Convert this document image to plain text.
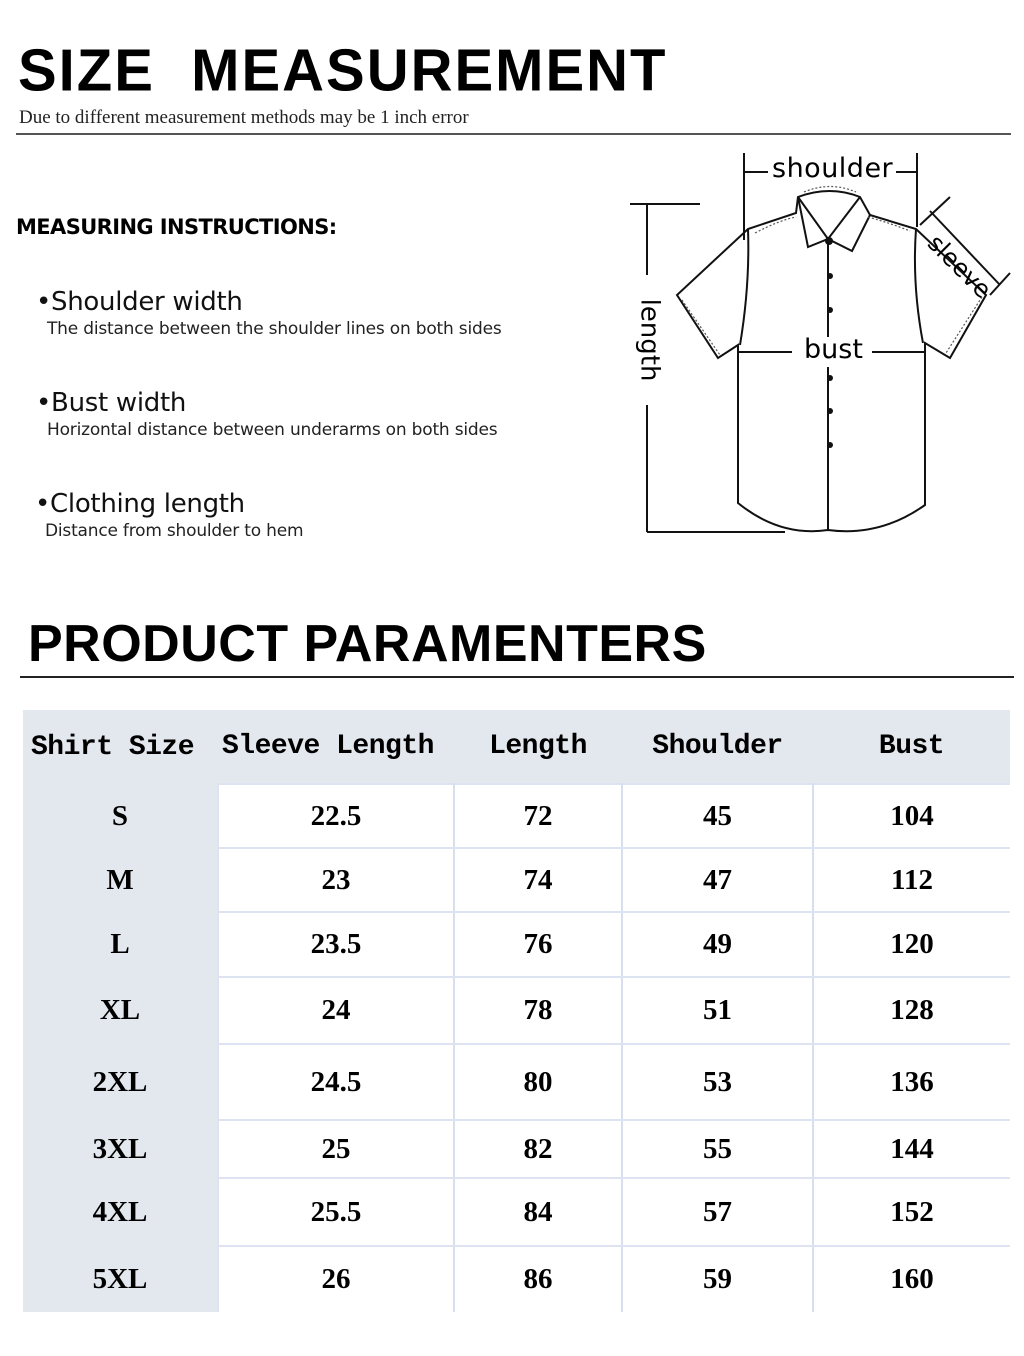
SIZE  MEASUREMENT
Due to different measurement methods may be 1 inch error
MEASURING INSTRUCTIONS:
•Shoulder width
The distance between the shoulder lines on both sides
•Bust width
Horizontal distance between underarms on both sides
•Clothing length
Distance from shoulder to hem
shoulder
bust
length
sleeve
PRODUCT PARAMENTERS
Shirt Size	Sleeve Length	Length	Shoulder	Bust
S	22.5	72	45	104
M	23	74	47	112
L	23.5	76	49	120
XL	24	78	51	128
2XL	24.5	80	53	136
3XL	25	82	55	144
4XL	25.5	84	57	152
5XL	26	86	59	160
